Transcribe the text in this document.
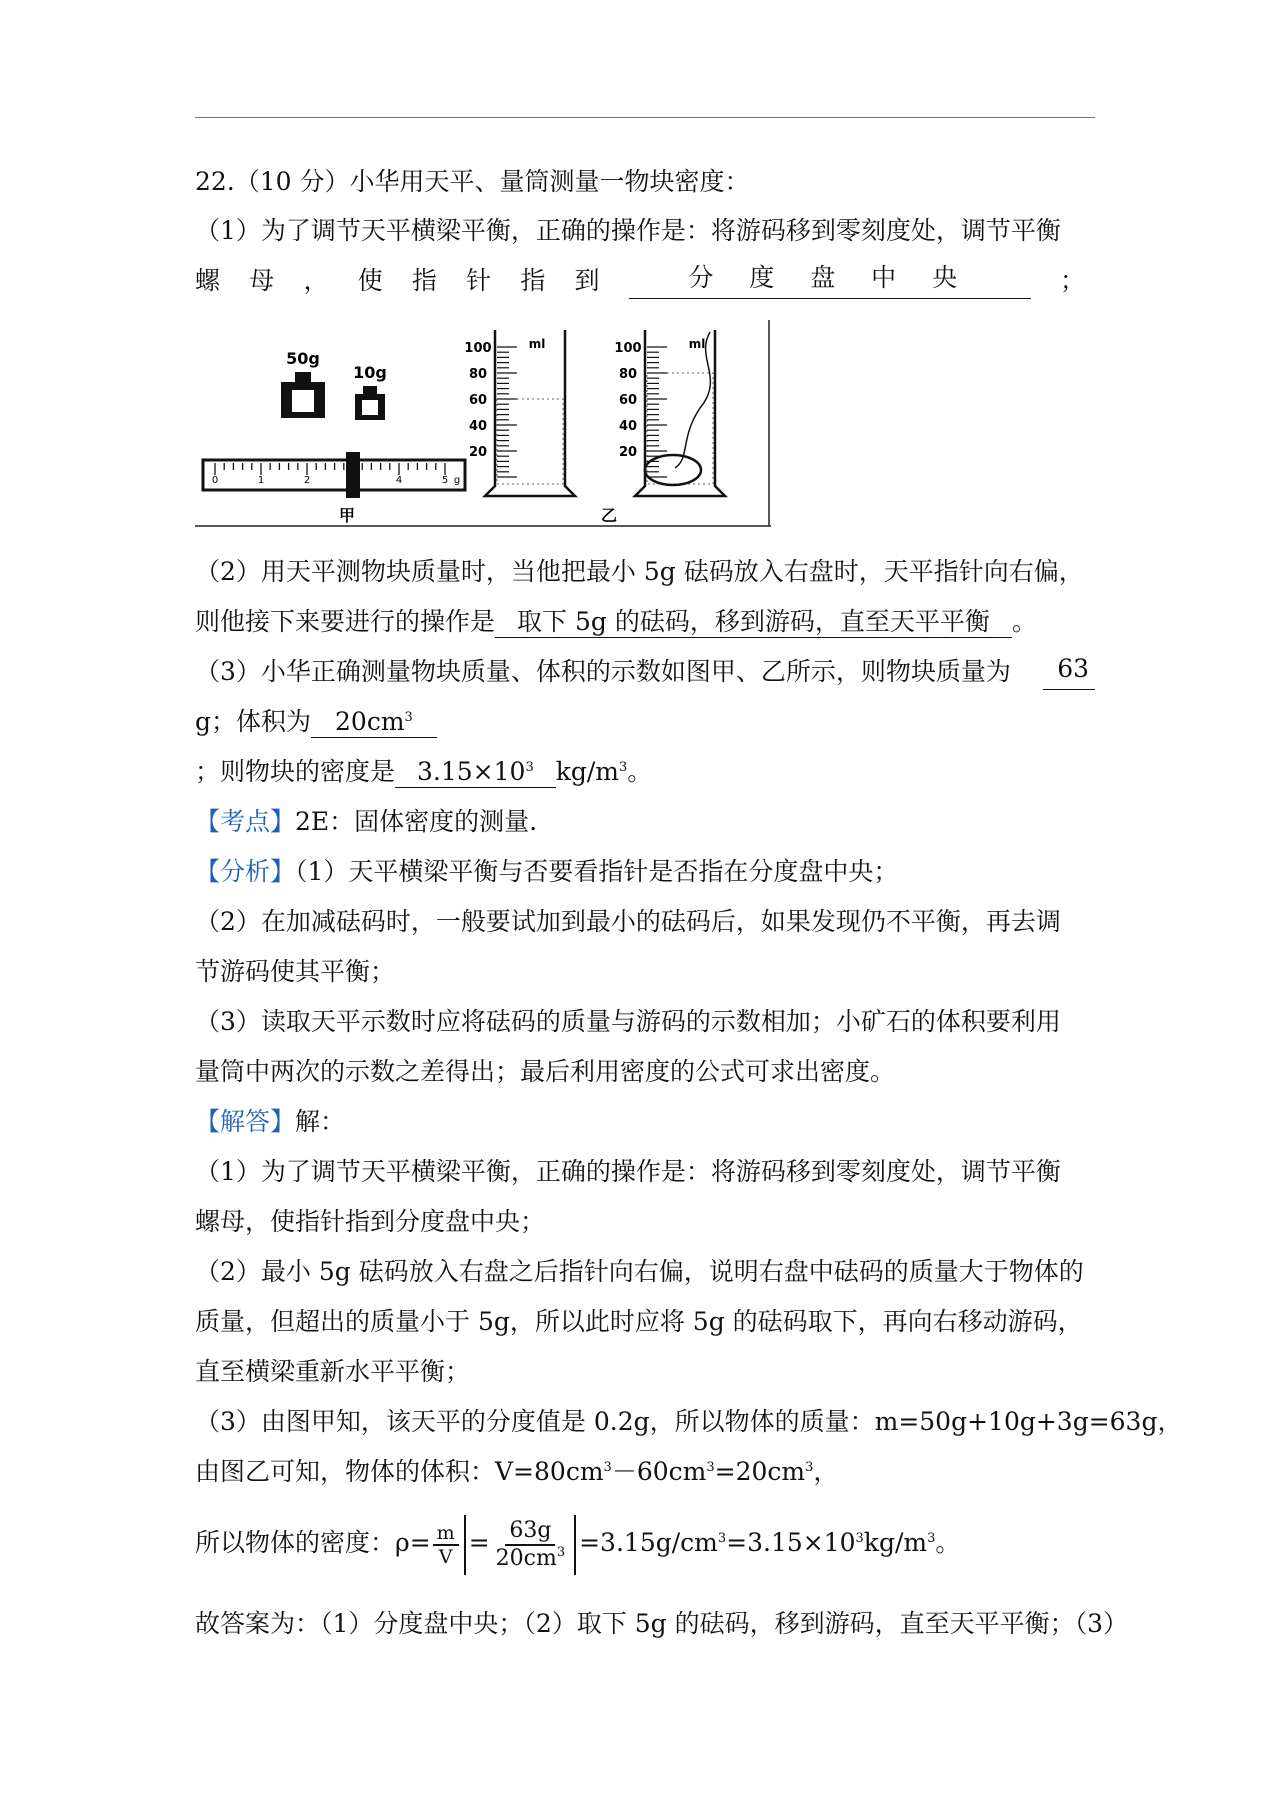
22.（10 分）小华用天平、量筒测量一物块密度：
（1）为了调节天平横梁平衡，正确的操作是：将游码移到零刻度处，调节平衡
螺 母 ， 使 指 针 指 到	分 度 盘 中 央	；
50g
10g
0	1	2	4	5 g
甲
ml
100
80
60
40
20
ml
100
80
60
40
20
乙
（2）用天平测物块质量时，当他把最小 5g 砝码放入右盘时，天平指针向右偏，
则他接下来要进行的操作是 取下 5g 的砝码，移到游码，直至天平平衡 。
（3）小华正确测量物块质量、体积的示数如图甲、乙所示，则物块质量为	63
g；体积为 $20cm^3$
；则物块的密度是 $3.15\times 10^3$ $kg/m^3$。
【考点】2E：固体密度的测量.
【分析】（1）天平横梁平衡与否要看指针是否指在分度盘中央；
（2）在加减砝码时，一般要试加到最小的砝码后，如果发现仍不平衡，再去调
节游码使其平衡；
（3）读取天平示数时应将砝码的质量与游码的示数相加；小矿石的体积要利用
量筒中两次的示数之差得出；最后利用密度的公式可求出密度。
【解答】解：
（1）为了调节天平横梁平衡，正确的操作是：将游码移到零刻度处，调节平衡
螺母，使指针指到分度盘中央；
（2）最小 5g 砝码放入右盘之后指针向右偏，说明右盘中砝码的质量大于物体的
质量，但超出的质量小于 5g，所以此时应将 5g 的砝码取下，再向右移动游码，
直至横梁重新水平平衡；
（3）由图甲知，该天平的分度值是 0.2g，所以物体的质量：m=50g+10g+3g=63g，
由图乙可知，物体的体积：$V=80cm^3-60cm^3=20cm^3$，
所以物体的密度：$\rho= \frac{m}{V} = \frac{63g}{20cm^3} =3.15g/cm^3=3.15\times 10^3kg/m^3$。
故答案为：（1）分度盘中央；（2）取下 5g 的砝码，移到游码，直至天平平衡；（3）
